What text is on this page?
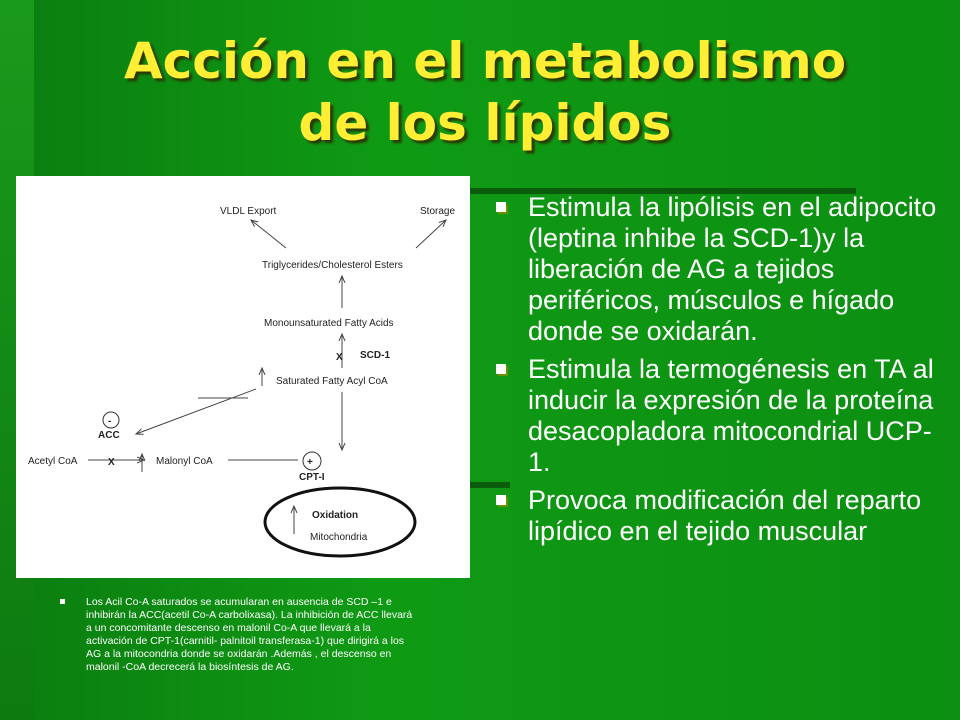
Acción en el metabolismo
de los lípidos
VLDL Export	Storage
Triglycerides/Cholesterol Esters
Monounsaturated Fatty Acids
X SCD-1
Saturated Fatty Acyl CoA
-
ACC
Acetyl CoA	X	Malonyl CoA	+
CPT-I
Oxidation
Mitochondria
Estimula la lipólisis en el adipocito (leptina inhibe la SCD-1)y la liberación de AG a tejidos periféricos, músculos e hígado donde se oxidarán.
Estimula la termogénesis en TA al inducir la expresión de la proteína desacopladora mitocondrial UCP-1.
Provoca modificación del reparto lipídico en el tejido muscular
Los Acil Co-A saturados se acumularan en ausencia de SCD –1 e
inhibirán la ACC(acetil Co-A carbolixasa). La inhibición de ACC llevará
a un concomitante descenso en malonil Co-A que llevará a la
activación de CPT-1(carnitil- palnitoil transferasa-1) que dirigirá a los
AG a la mitocondria donde se oxidarán .Además , el descenso en
malonil -CoA decrecerá la biosíntesis de AG.
